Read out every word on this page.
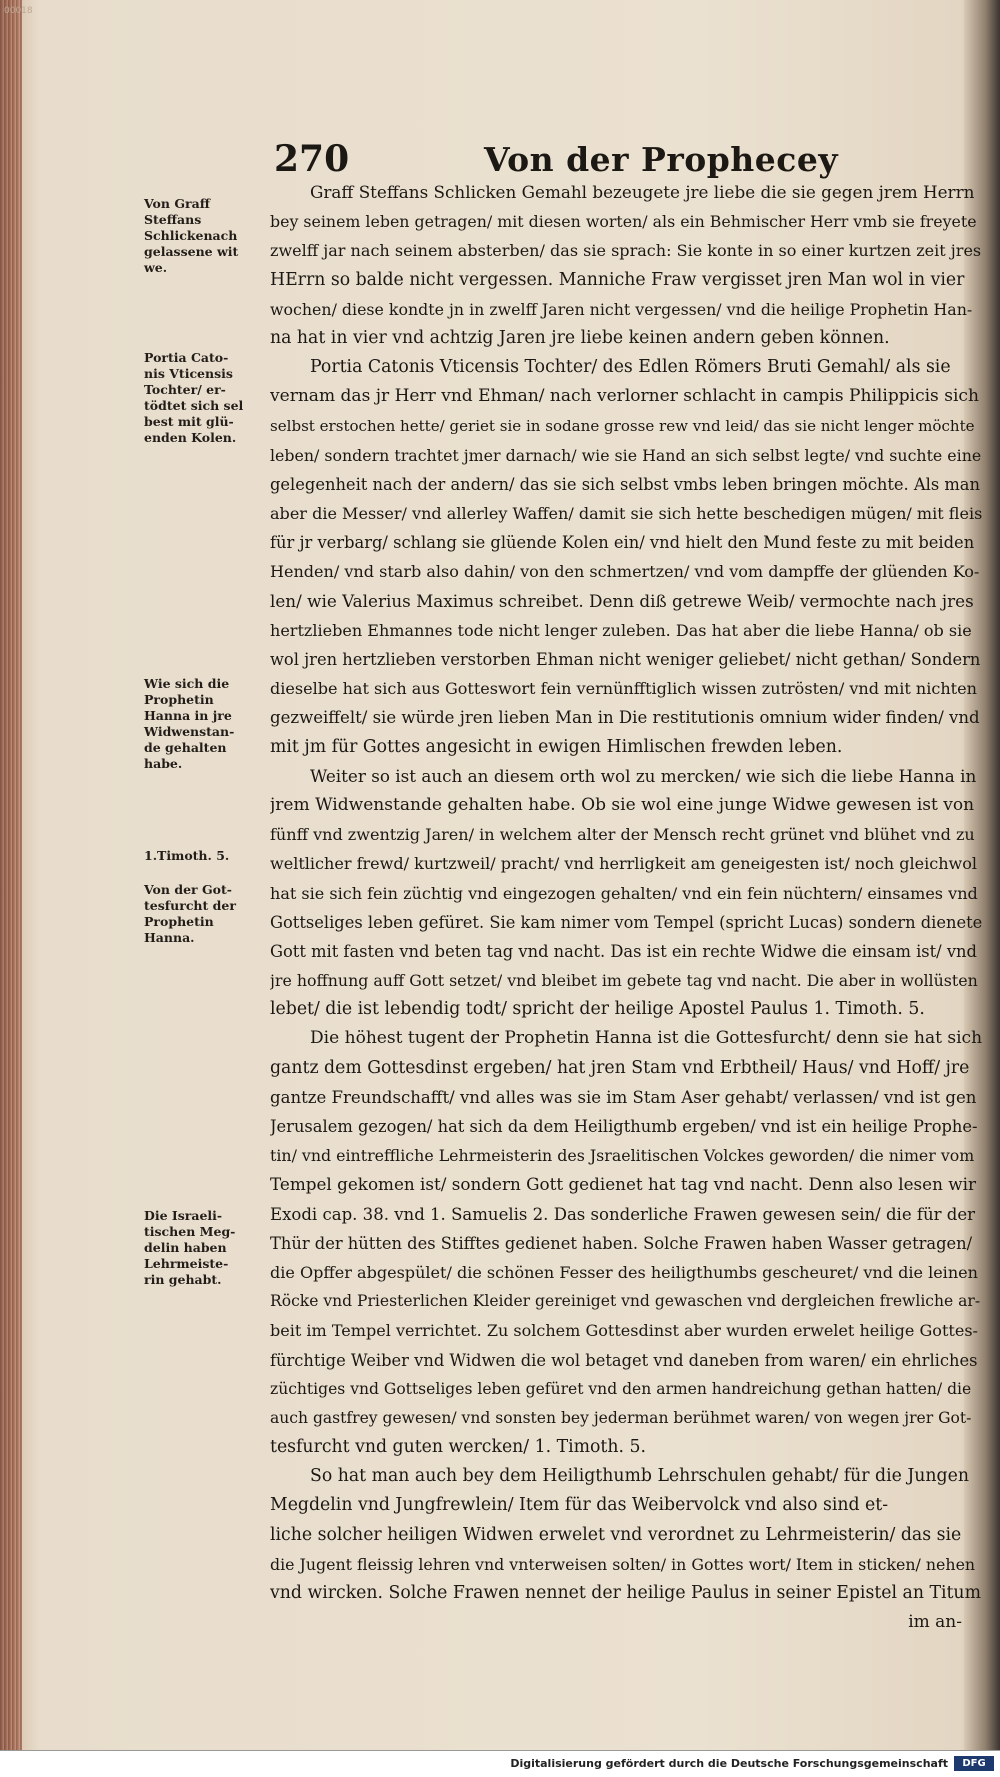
00018
270	Von der Prophecey
Von Graff
Steffans
Schlickenach
gelassene wit
we.
Portia Cato-
nis Vticensis
Tochter/ er-
tödtet sich sel
best mit glü-
enden Kolen.
Wie sich die
Prophetin
Hanna in jre
Widwenstan-
de gehalten
habe.
1.Timoth. 5.
Von der Got-
tesfurcht der
Prophetin
Hanna.
Die Israeli-
tischen Meg-
delin haben
Lehrmeiste-
rin gehabt.
Graff Steffans Schlicken Gemahl bezeugete jre liebe die sie gegen jrem Herrn
bey seinem leben getragen/ mit diesen worten/ als ein Behmischer Herr vmb sie freyete
zwelff jar nach seinem absterben/ das sie sprach: Sie konte in so einer kurtzen zeit jres
HErrn so balde nicht vergessen. Manniche Fraw vergisset jren Man wol in vier
wochen/ diese kondte jn in zwelff Jaren nicht vergessen/ vnd die heilige Prophetin Han-
na hat in vier vnd achtzig Jaren jre liebe keinen andern geben können.
Portia Catonis Vticensis Tochter/ des Edlen Römers Bruti Gemahl/ als sie
vernam das jr Herr vnd Ehman/ nach verlorner schlacht in campis Philippicis sich
selbst erstochen hette/ geriet sie in sodane grosse rew vnd leid/ das sie nicht lenger möchte
leben/ sondern trachtet jmer darnach/ wie sie Hand an sich selbst legte/ vnd suchte eine
gelegenheit nach der andern/ das sie sich selbst vmbs leben bringen möchte. Als man
aber die Messer/ vnd allerley Waffen/ damit sie sich hette beschedigen mügen/ mit fleis
für jr verbarg/ schlang sie glüende Kolen ein/ vnd hielt den Mund feste zu mit beiden
Henden/ vnd starb also dahin/ von den schmertzen/ vnd vom dampffe der glüenden Ko-
len/ wie Valerius Maximus schreibet. Denn diß getrewe Weib/ vermochte nach jres
hertzlieben Ehmannes tode nicht lenger zuleben. Das hat aber die liebe Hanna/ ob sie
wol jren hertzlieben verstorben Ehman nicht weniger geliebet/ nicht gethan/ Sondern
dieselbe hat sich aus Gotteswort fein vernünfftiglich wissen zutrösten/ vnd mit nichten
gezweiffelt/ sie würde jren lieben Man in Die restitutionis omnium wider finden/ vnd
mit jm für Gottes angesicht in ewigen Himlischen frewden leben.
Weiter so ist auch an diesem orth wol zu mercken/ wie sich die liebe Hanna in
jrem Widwenstande gehalten habe. Ob sie wol eine junge Widwe gewesen ist von
fünff vnd zwentzig Jaren/ in welchem alter der Mensch recht grünet vnd blühet vnd zu
weltlicher frewd/ kurtzweil/ pracht/ vnd herrligkeit am geneigesten ist/ noch gleichwol
hat sie sich fein züchtig vnd eingezogen gehalten/ vnd ein fein nüchtern/ einsames vnd
Gottseliges leben gefüret. Sie kam nimer vom Tempel (spricht Lucas) sondern dienete
Gott mit fasten vnd beten tag vnd nacht. Das ist ein rechte Widwe die einsam ist/ vnd
jre hoffnung auff Gott setzet/ vnd bleibet im gebete tag vnd nacht. Die aber in wollüsten
lebet/ die ist lebendig todt/ spricht der heilige Apostel Paulus 1. Timoth. 5.
Die höhest tugent der Prophetin Hanna ist die Gottesfurcht/ denn sie hat sich
gantz dem Gottesdinst ergeben/ hat jren Stam vnd Erbtheil/ Haus/ vnd Hoff/ jre
gantze Freundschafft/ vnd alles was sie im Stam Aser gehabt/ verlassen/ vnd ist gen
Jerusalem gezogen/ hat sich da dem Heiligthumb ergeben/ vnd ist ein heilige Prophe-
tin/ vnd eintreffliche Lehrmeisterin des Jsraelitischen Volckes geworden/ die nimer vom
Tempel gekomen ist/ sondern Gott gedienet hat tag vnd nacht. Denn also lesen wir
Exodi cap. 38. vnd 1. Samuelis 2. Das sonderliche Frawen gewesen sein/ die für der
Thür der hütten des Stifftes gedienet haben. Solche Frawen haben Wasser getragen/
die Opffer abgespület/ die schönen Fesser des heiligthumbs gescheuret/ vnd die leinen
Röcke vnd Priesterlichen Kleider gereiniget vnd gewaschen vnd dergleichen frewliche ar-
beit im Tempel verrichtet. Zu solchem Gottesdinst aber wurden erwelet heilige Gottes-
fürchtige Weiber vnd Widwen die wol betaget vnd daneben from waren/ ein ehrliches
züchtiges vnd Gottseliges leben gefüret vnd den armen handreichung gethan hatten/ die
auch gastfrey gewesen/ vnd sonsten bey jederman berühmet waren/ von wegen jrer Got-
tesfurcht vnd guten wercken/ 1. Timoth. 5.
So hat man auch bey dem Heiligthumb Lehrschulen gehabt/ für die Jungen
Megdelin vnd Jungfrewlein/ Item für das Weibervolck vnd also sind et-
liche solcher heiligen Widwen erwelet vnd verordnet zu Lehrmeisterin/ das sie
die Jugent fleissig lehren vnd vnterweisen solten/ in Gottes wort/ Item in sticken/ nehen
vnd wircken. Solche Frawen nennet der heilige Paulus in seiner Epistel an Titum
im an-
Digitalisierung gefördert durch die Deutsche Forschungsgemeinschaft	DFG
